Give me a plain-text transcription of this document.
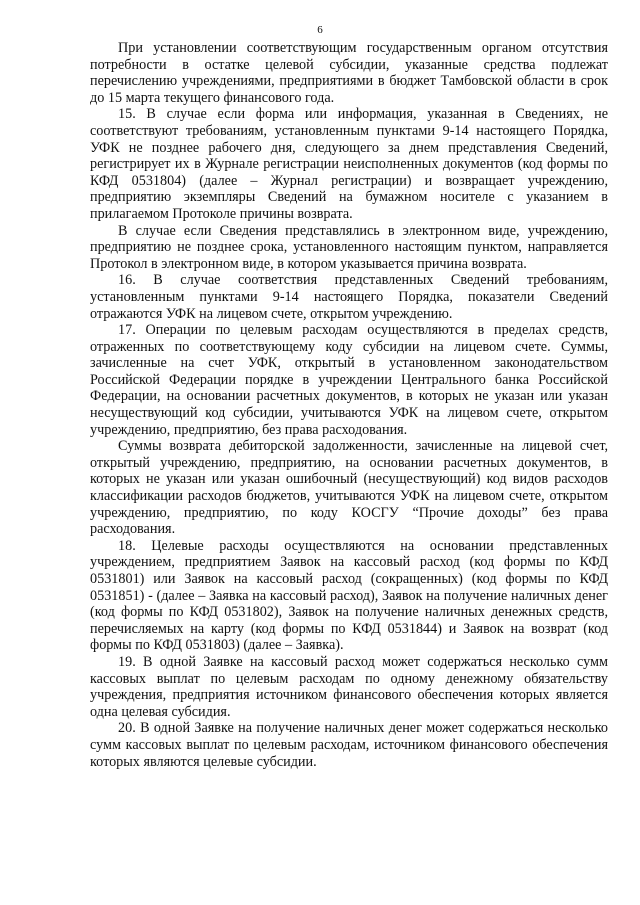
6

При установлении соответствующим государственным органом отсутствия потребности в остатке целевой субсидии, указанные средства подлежат перечислению учреждениями, предприятиями в бюджет Тамбовской области в срок до 15 марта текущего финансового года.

15. В случае если форма или информация, указанная в Сведениях, не соответствуют требованиям, установленным пунктами 9-14 настоящего Порядка, УФК не позднее рабочего дня, следующего за днем представления Сведений, регистрирует их в Журнале регистрации неисполненных документов (код формы по КФД 0531804) (далее – Журнал регистрации) и возвращает учреждению, предприятию экземпляры Сведений на бумажном носителе с указанием в прилагаемом Протоколе причины возврата.

В случае если Сведения представлялись в электронном виде, учреждению, предприятию не позднее срока, установленного настоящим пунктом, направляется Протокол в электронном виде, в котором указывается причина возврата.

16. В случае соответствия представленных Сведений требованиям, установленным пунктами 9-14 настоящего Порядка, показатели Сведений отражаются УФК на лицевом счете, открытом учреждению.

17. Операции по целевым расходам осуществляются в пределах средств, отраженных по соответствующему коду субсидии на лицевом счете. Суммы, зачисленные на счет УФК, открытый в установленном законодательством Российской Федерации порядке в учреждении Центрального банка Российской Федерации, на основании расчетных документов, в которых не указан или указан несуществующий код субсидии, учитываются УФК на лицевом счете, открытом учреждению, предприятию, без права расходования.

Суммы возврата дебиторской задолженности, зачисленные на лицевой счет, открытый учреждению, предприятию, на основании расчетных документов, в которых не указан или указан ошибочный (несуществующий) код видов расходов классификации расходов бюджетов, учитываются УФК на лицевом счете, открытом учреждению, предприятию, по коду КОСГУ “Прочие доходы” без права расходования.

18. Целевые расходы осуществляются на основании представленных учреждением, предприятием Заявок на кассовый расход (код формы по КФД 0531801) или Заявок на кассовый расход (сокращенных) (код формы по КФД 0531851) - (далее – Заявка на кассовый расход), Заявок на получение наличных денег (код формы по КФД 0531802), Заявок на получение наличных денежных средств, перечисляемых на карту (код формы по КФД 0531844) и Заявок на возврат (код формы по КФД 0531803) (далее – Заявка).

19. В одной Заявке на кассовый расход может содержаться несколько сумм кассовых выплат по целевым расходам по одному денежному обязательству учреждения, предприятия источником финансового обеспечения которых является одна целевая субсидия.

20. В одной Заявке на получение наличных денег может содержаться несколько сумм кассовых выплат по целевым расходам, источником финансового обеспечения которых являются целевые субсидии.
